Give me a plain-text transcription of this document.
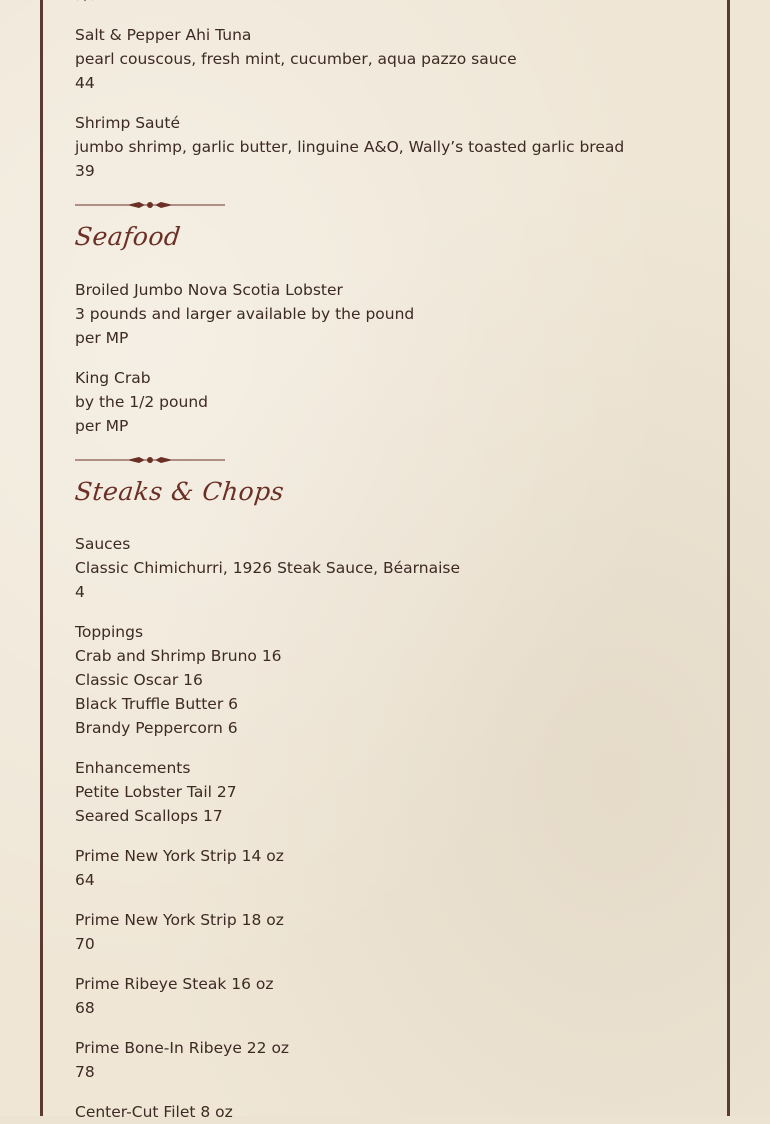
Salt & Pepper Ahi Tuna
pearl couscous, fresh mint, cucumber, aqua pazzo sauce
44
Shrimp Sauté
jumbo shrimp, garlic butter, linguine A&O, Wally’s toasted garlic bread
39
Seafood
Broiled Jumbo Nova Scotia Lobster
3 pounds and larger available by the pound
per MP
King Crab
by the 1/2 pound
per MP
Steaks & Chops
Sauces
Classic Chimichurri, 1926 Steak Sauce, Béarnaise
4
Toppings
Crab and Shrimp Bruno 16
Classic Oscar 16
Black Truffle Butter 6
Brandy Peppercorn 6
Enhancements
Petite Lobster Tail 27
Seared Scallops 17
Prime New York Strip 14 oz
64
Prime New York Strip 18 oz
70
Prime Ribeye Steak 16 oz
68
Prime Bone-In Ribeye 22 oz
78
Center-Cut Filet 8 oz
